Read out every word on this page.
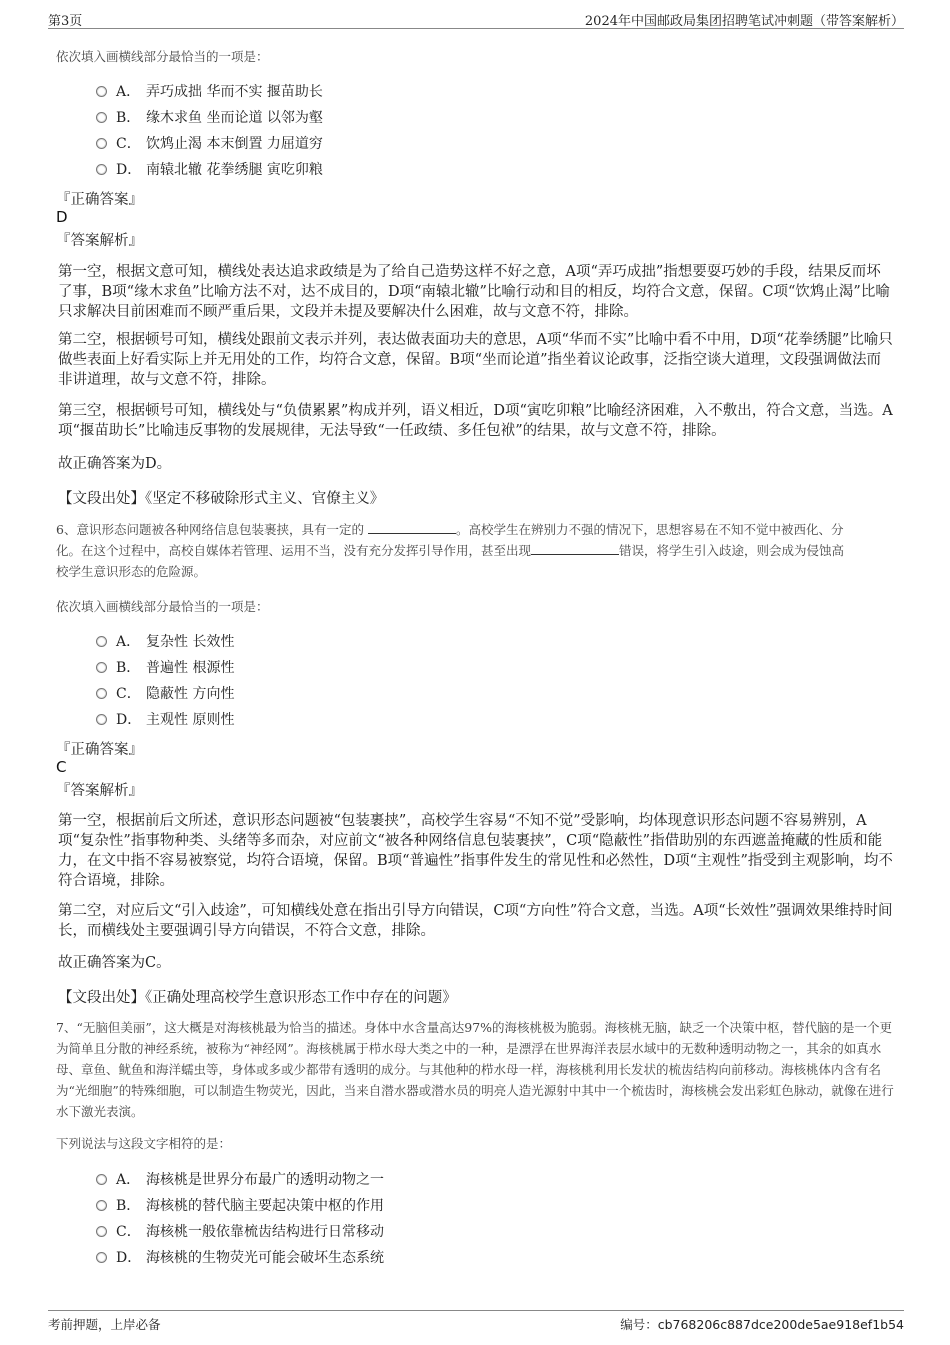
第3页	2024年中国邮政局集团招聘笔试冲刺题（带答案解析）
依次填入画横线部分最恰当的一项是：
A． 弄巧成拙 华而不实 揠苗助长
B． 缘木求鱼 坐而论道 以邻为壑
C． 饮鸩止渴 本末倒置 力屈道穷
D． 南辕北辙 花拳绣腿 寅吃卯粮
『正确答案』
D
『答案解析』
第一空，根据文意可知，横线处表达追求政绩是为了给自己造势这样不好之意，A项“弄巧成拙”指想要耍巧妙的手段，结果反而坏了事，B项“缘木求鱼”比喻方法不对，达不成目的，D项“南辕北辙”比喻行动和目的相反，均符合文意，保留。C项“饮鸩止渴”比喻只求解决目前困难而不顾严重后果，文段并未提及要解决什么困难，故与文意不符，排除。
第二空，根据顿号可知，横线处跟前文表示并列，表达做表面功夫的意思，A项“华而不实”比喻中看不中用，D项“花拳绣腿”比喻只做些表面上好看实际上并无用处的工作，均符合文意，保留。B项“坐而论道”指坐着议论政事，泛指空谈大道理，文段强调做法而非讲道理，故与文意不符，排除。
第三空，根据顿号可知，横线处与“负债累累”构成并列，语义相近，D项“寅吃卯粮”比喻经济困难，入不敷出，符合文意，当选。A项“揠苗助长”比喻违反事物的发展规律，无法导致“一任政绩、多任包袱”的结果，故与文意不符，排除。
故正确答案为D。
【文段出处】《坚定不移破除形式主义、官僚主义》
6、意识形态问题被各种网络信息包装裹挟，具有一定的	。高校学生在辨别力不强的情况下，思想容易在不知不觉中被西化、分
化。在这个过程中，高校自媒体若管理、运用不当，没有充分发挥引导作用，甚至出现	错误，将学生引入歧途，则会成为侵蚀高
校学生意识形态的危险源。
依次填入画横线部分最恰当的一项是：
A． 复杂性 长效性
B． 普遍性 根源性
C． 隐蔽性 方向性
D． 主观性 原则性
『正确答案』
C
『答案解析』
第一空，根据前后文所述，意识形态问题被“包装裹挟”，高校学生容易“不知不觉”受影响，均体现意识形态问题不容易辨别，A项“复杂性”指事物种类、头绪等多而杂，对应前文“被各种网络信息包装裹挟”，C项“隐蔽性”指借助别的东西遮盖掩藏的性质和能力，在文中指不容易被察觉，均符合语境，保留。B项“普遍性”指事件发生的常见性和必然性，D项“主观性”指受到主观影响，均不符合语境，排除。
第二空，对应后文“引入歧途”，可知横线处意在指出引导方向错误，C项“方向性”符合文意，当选。A项“长效性”强调效果维持时间长，而横线处主要强调引导方向错误，不符合文意，排除。
故正确答案为C。
【文段出处】《正确处理高校学生意识形态工作中存在的问题》
7、“无脑但美丽”，这大概是对海核桃最为恰当的描述。身体中水含量高达97%的海核桃极为脆弱。海核桃无脑，缺乏一个决策中枢，替代脑的是一个更为简单且分散的神经系统，被称为“神经网”。海核桃属于栉水母大类之中的一种，是漂浮在世界海洋表层水域中的无数种透明动物之一，其余的如真水母、章鱼、鱿鱼和海洋蠕虫等，身体或多或少都带有透明的成分。与其他种的栉水母一样，海核桃利用长发状的梳齿结构向前移动。海核桃体内含有名为“光细胞”的特殊细胞，可以制造生物荧光，因此，当来自潜水器或潜水员的明亮人造光源射中其中一个梳齿时，海核桃会发出彩虹色脉动，就像在进行水下激光表演。
下列说法与这段文字相符的是：
A． 海核桃是世界分布最广的透明动物之一
B． 海核桃的替代脑主要起决策中枢的作用
C． 海核桃一般依靠梳齿结构进行日常移动
D． 海核桃的生物荧光可能会破坏生态系统
考前押题，上岸必备	编号：cb768206c887dce200de5ae918ef1b54
